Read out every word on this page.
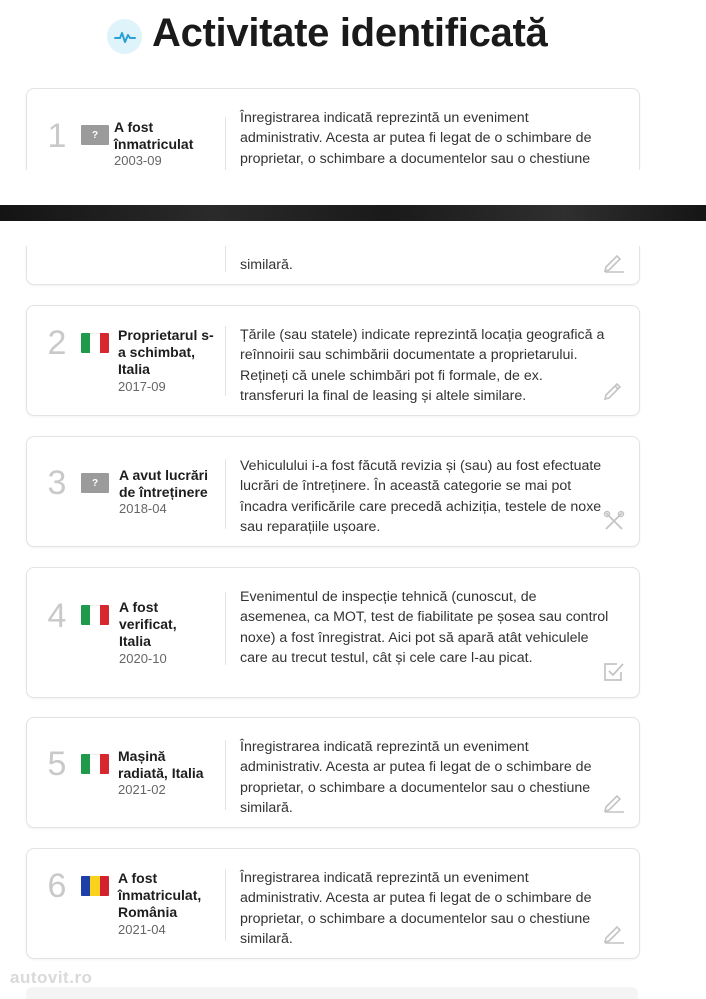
Activitate identificată
1	? A fost înmatriculat
2003-09
Înregistrarea indicată reprezintă un eveniment administrativ. Acesta ar putea fi legat de o schimbare de proprietar, o schimbare a documentelor sau o chestiune
similară.
2	Proprietarul s-a schimbat, Italia
2017-09
Țările (sau statele) indicate reprezintă locația geografică a reînnoirii sau schimbării documentate a proprietarului. Rețineți că unele schimbări pot fi formale, de ex. transferuri la final de leasing și altele similare.
3	? A avut lucrări de întreținere
2018-04
Vehiculului i-a fost făcută revizia și (sau) au fost efectuate lucrări de întreținere. În această categorie se mai pot încadra verificările care precedă achiziția, testele de noxe sau reparațiile ușoare.
4	A fost verificat, Italia
2020-10
Evenimentul de inspecție tehnică (cunoscut, de asemenea, ca MOT, test de fiabilitate pe șosea sau control noxe) a fost înregistrat. Aici pot să apară atât vehiculele care au trecut testul, cât și cele care l-au picat.
5	Mașină radiată, Italia
2021-02
Înregistrarea indicată reprezintă un eveniment administrativ. Acesta ar putea fi legat de o schimbare de proprietar, o schimbare a documentelor sau o chestiune similară.
6	A fost înmatriculat, România
2021-04
Înregistrarea indicată reprezintă un eveniment administrativ. Acesta ar putea fi legat de o schimbare de proprietar, o schimbare a documentelor sau o chestiune similară.
autovit.ro
